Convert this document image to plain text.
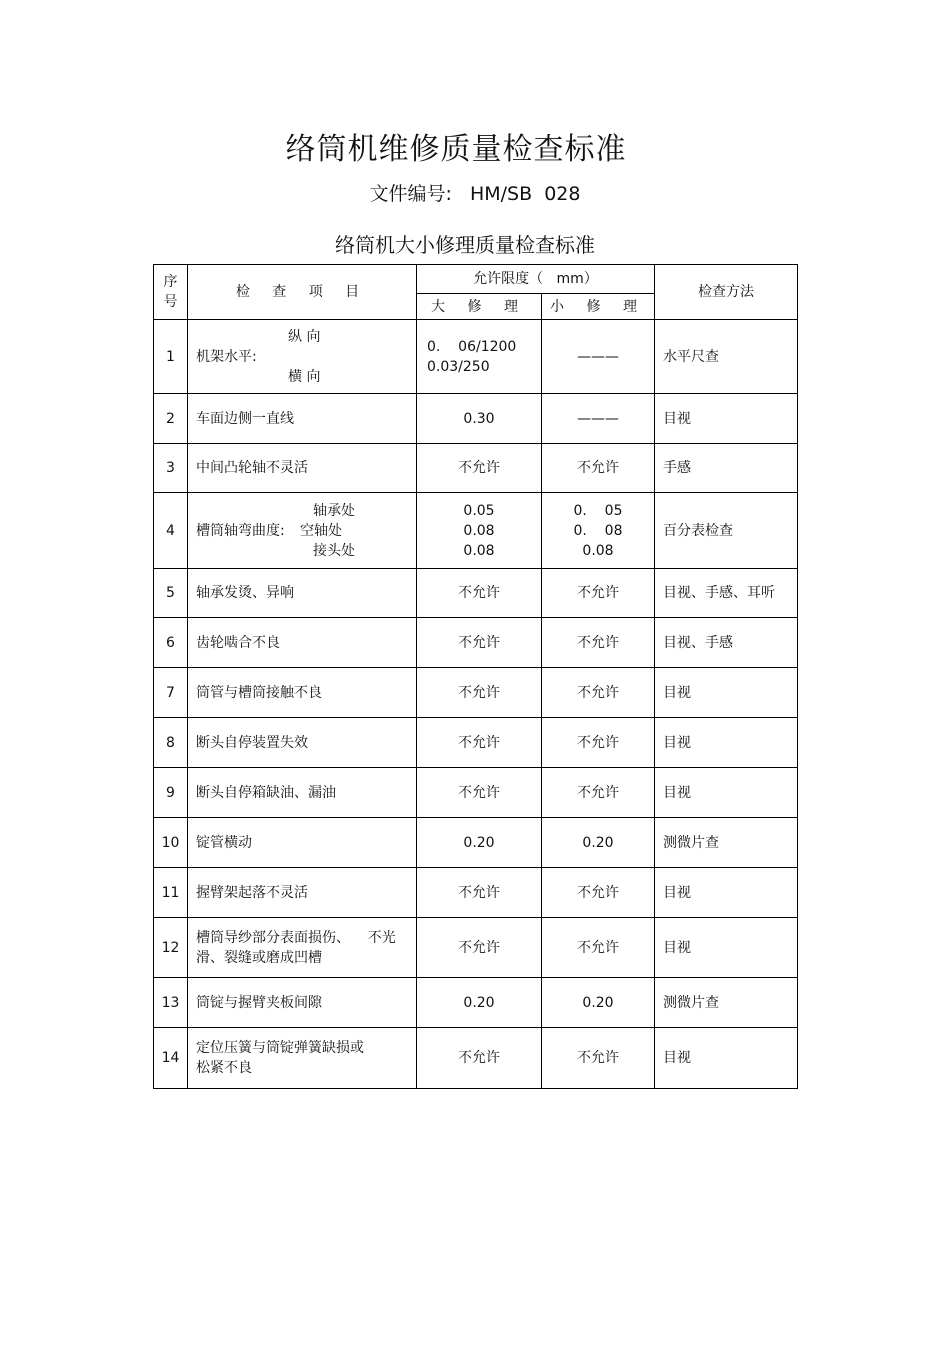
络筒机维修质量检查标准
文件编号: HM/SB  028
络筒机大小修理质量检查标准
序
号	检 查 项 目	允许限度（   mm）		检查方法
		大 修 理	小 修 理	
1	纵 向
机架水平:
横 向	0.    06/1200
0.03/250	———	水平尺查
2	车面边侧一直线	0.30	———	目视
3	中间凸轮轴不灵活	不允许	不允许	手感
4	轴承处
槽筒轴弯曲度: 空轴处
接头处	0.05
0.08
0.08	0.    05
0.    08
0.08	百分表检查
5	轴承发烫、异响	不允许	不允许	目视、手感、耳听
6	齿轮啮合不良	不允许	不允许	目视、手感
7	筒管与槽筒接触不良	不允许	不允许	目视
8	断头自停装置失效	不允许	不允许	目视
9	断头自停箱缺油、漏油	不允许	不允许	目视
10	锭管横动	0.20	0.20	测微片查
11	握臂架起落不灵活	不允许	不允许	目视
12	槽筒导纱部分表面损伤、    不光
滑、裂缝或磨成凹槽	不允许	不允许	目视
13	筒锭与握臂夹板间隙	0.20	0.20	测微片查
14	定位压簧与筒锭弹簧缺损或
松紧不良	不允许	不允许	目视
